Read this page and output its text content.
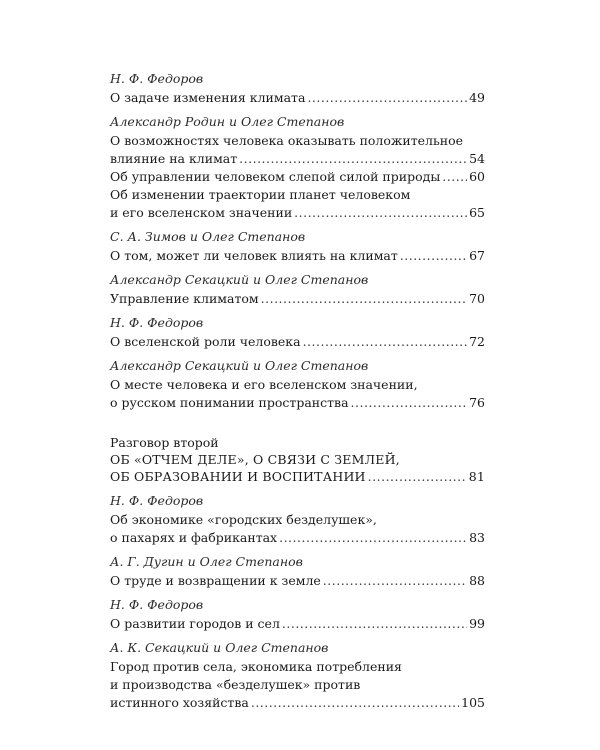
Н. Ф. Федоров
О задаче изменения климата .....	49
Александр Родин и Олег Степанов
О возможностях человека оказывать положительное
влияние на климат .....	54
Об управлении человеком слепой силой природы ..... 60
Об изменении траектории планет человеком
и его вселенском значении .....	65
С. А. Зимов и Олег Степанов
О том, может ли человек влиять на климат .....	67
Александр Секацкий и Олег Степанов
Управление климатом .....	70
Н. Ф. Федоров
О вселенской роли человека .....	72
Александр Секацкий и Олег Степанов
О месте человека и его вселенском значении,
о русском понимании пространства .....	76
Разговор второй
ОБ «ОТЧЕМ ДЕЛЕ», О СВЯЗИ С ЗЕМЛЕЙ,
ОБ ОБРАЗОВАНИИ И ВОСПИТАНИИ .....	81
Н. Ф. Федоров
Об экономике «городских безделушек»,
о пахарях и фабрикантах .....	83
А. Г. Дугин и Олег Степанов
О труде и возвращении к земле .....	88
Н. Ф. Федоров
О развитии городов и сел .....	99
А. К. Секацкий и Олег Степанов
Город против села, экономика потребления
и производства «безделушек» против
истинного хозяйства .....	105
